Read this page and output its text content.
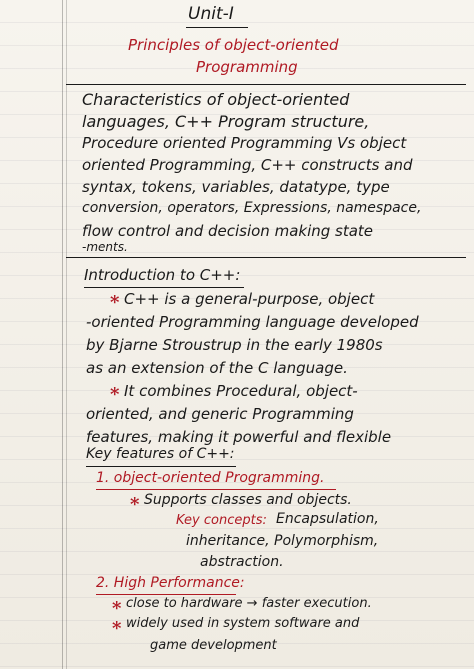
Unit-I
Principles of object-oriented
Programming
Characteristics of object-oriented
languages, C++ Program structure,
Procedure oriented Programming Vs object
oriented Programming, C++ constructs and
syntax, tokens, variables, datatype, type
conversion, operators, Expressions, namespace,
flow control and decision making state
-ments.
Introduction to C++:
* C++ is a general-purpose, object
-oriented Programming language developed
by Bjarne Stroustrup in the early 1980s
as an extension of the C language.
* It combines Procedural, object-
oriented, and generic Programming
features, making it powerful and flexible
Key features of C++:
1. object-oriented Programming.
* Supports classes and objects.
Key concepts: Encapsulation,
inheritance, Polymorphism,
abstraction.
2. High Performance:
* close to hardware → faster execution.
* widely used in system software and
game development
